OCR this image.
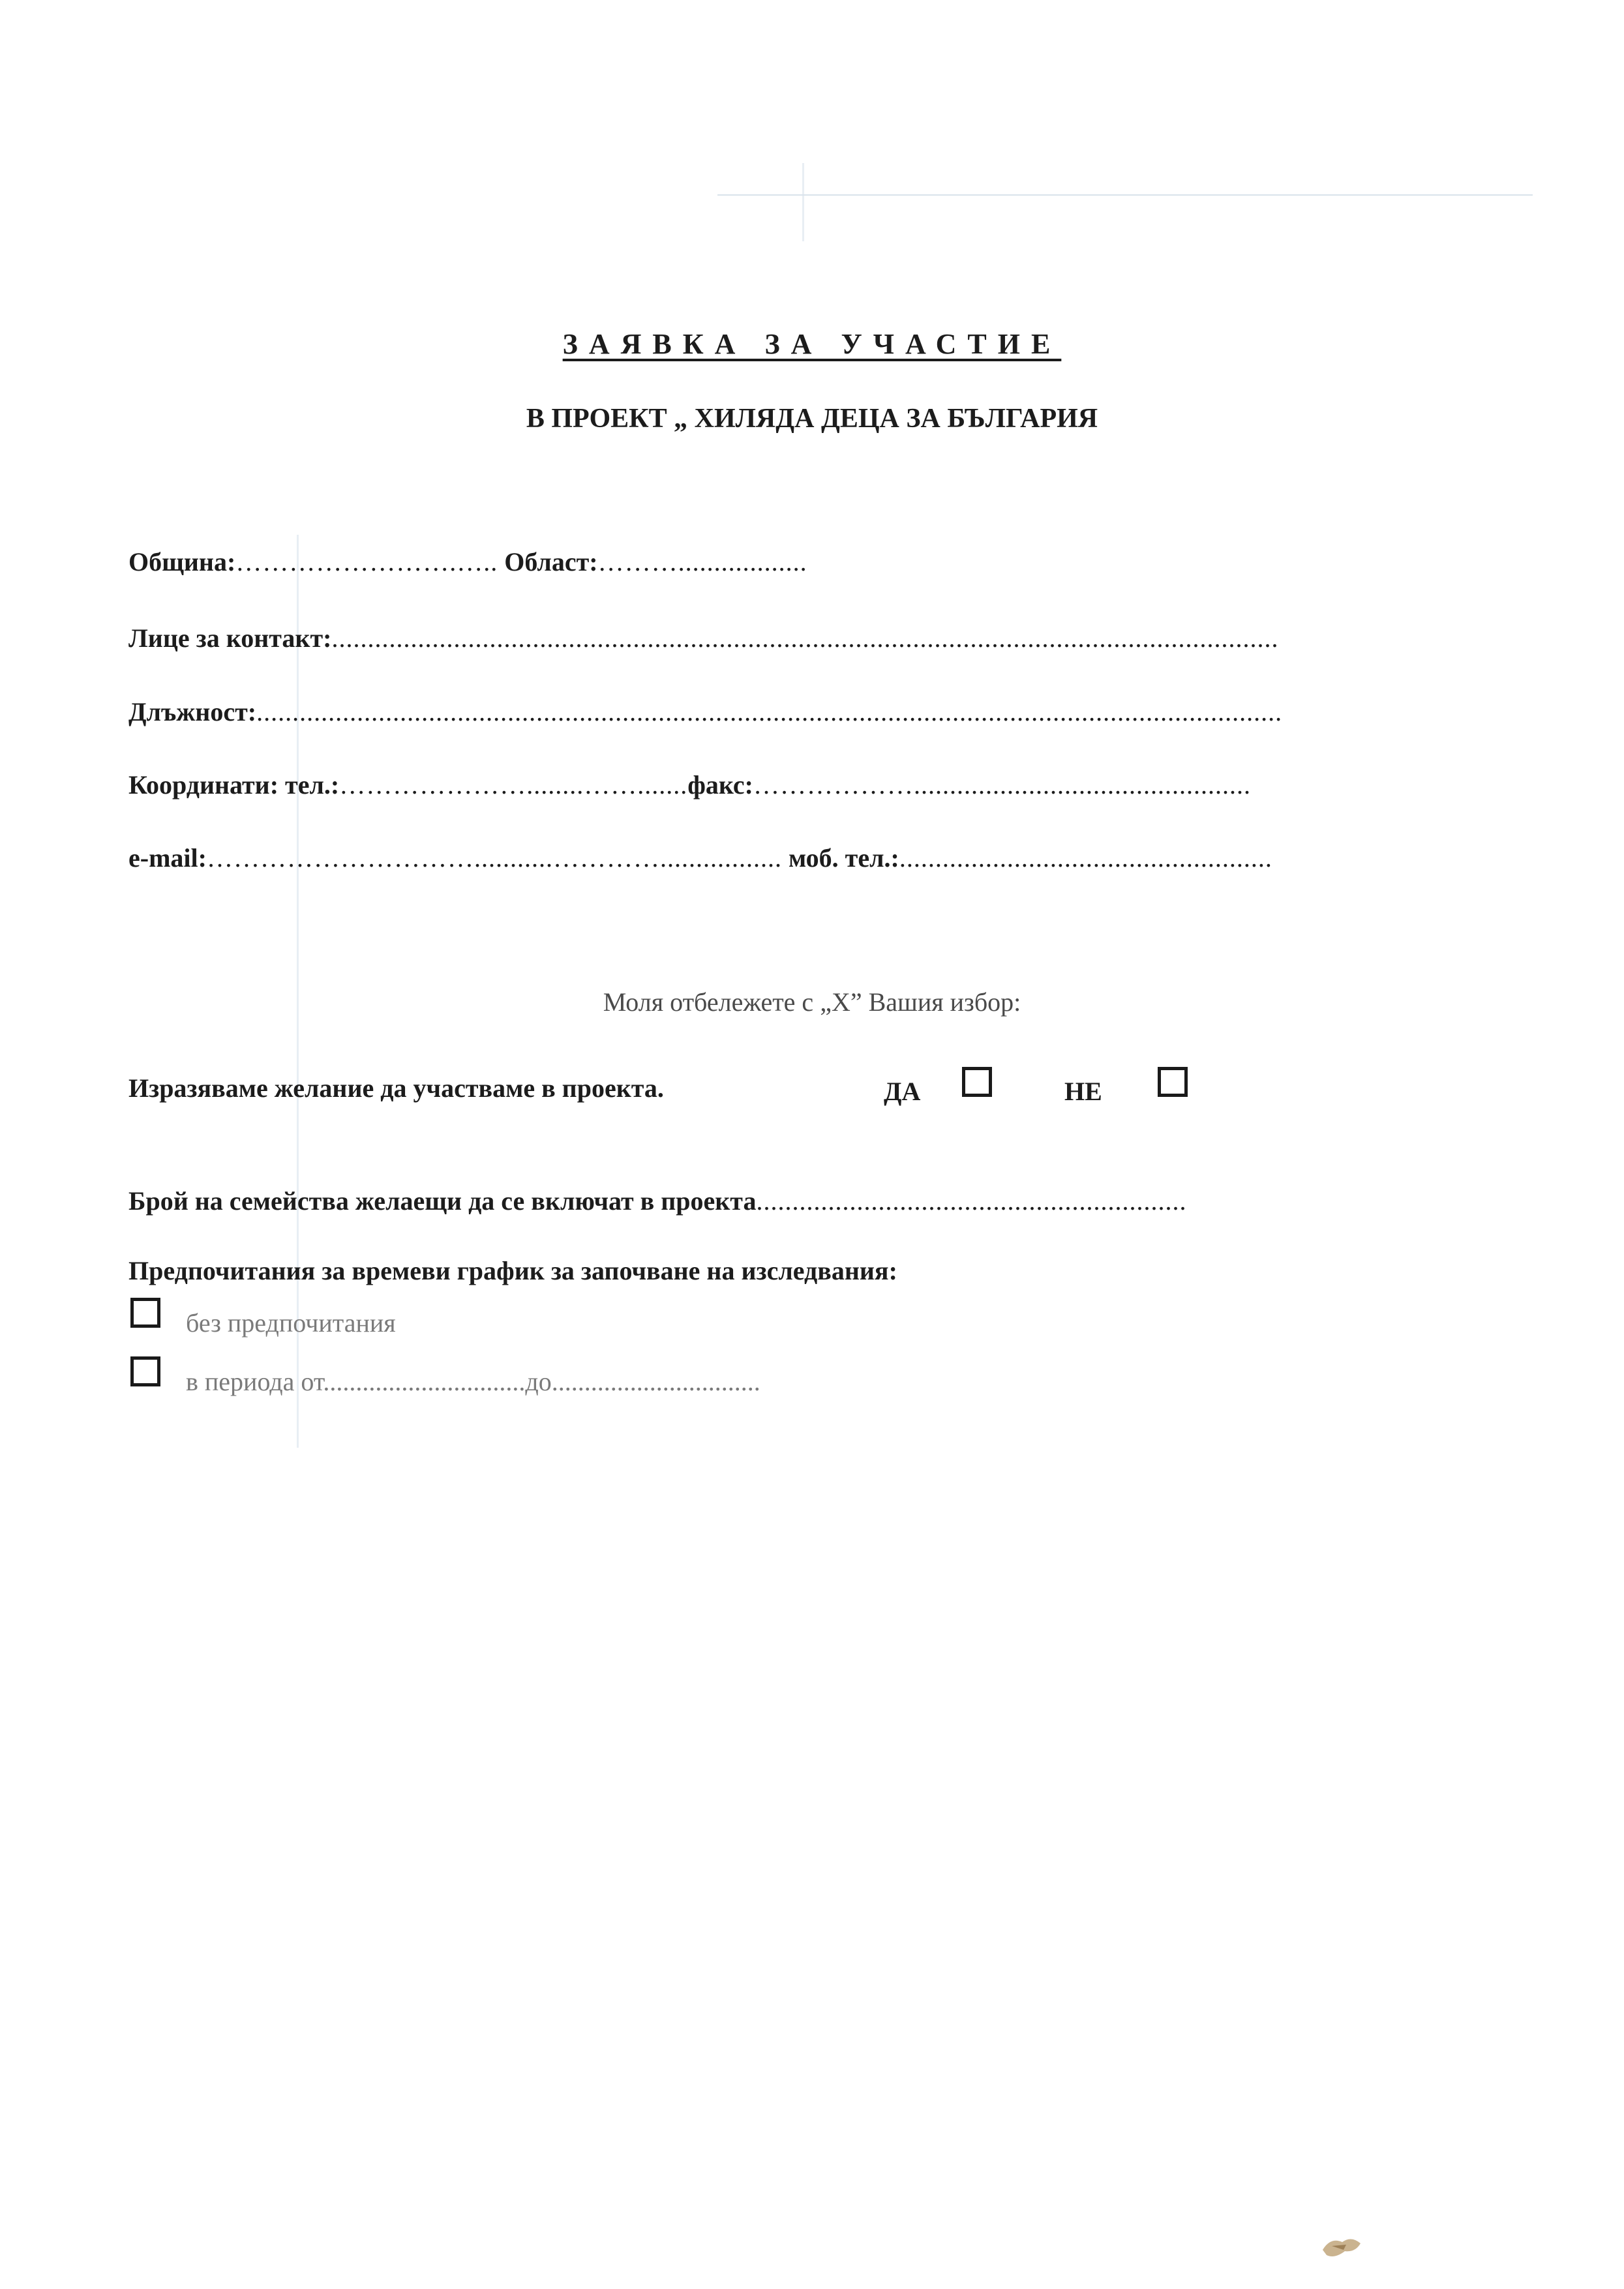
ЗАЯВКА ЗА УЧАСТИЕ
В ПРОЕКТ „ ХИЛЯДА ДЕЦА ЗА БЪЛГАРИЯ
Община:…………………….….. Област:………..................
Лице за контакт:....................................................................................................................................
Длъжност:...............................................................................................................................................
Координати: тел.:…………………........…….......факс:………………...............................................
e-mail:…………………………...........…………................. моб. тел.:....................................................
Моля отбележете с „X” Вашия избор:
Изразяваме желание да участваме в проекта.	ДА	НЕ
Брой на семейства желаещи да се включат в проекта............................................................
Предпочитания за времеви график за започване на изследвания:
без предпочитания
в периода от...............................до................................
